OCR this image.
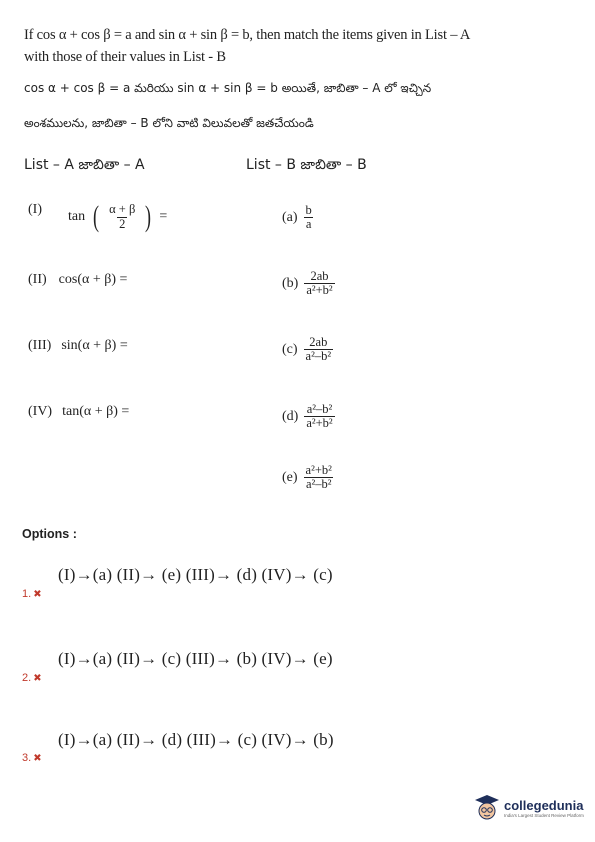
If cos α + cos β = a and sin α + sin β = b, then match the items given in List – A
with those of their values in List - B
cos α + cos β = a మరియు sin α + sin β = b అయితే, జాబితా – A లో ఇచ్చిన
అంశములను, జాబితా – B లోని వాటి విలువలతో జతచేయండి
List – A జాబితా – A	List – B జాబితా – B
(I) tan ( $\frac{\alpha + \beta}{2}$ ) =
(II) cos(α + β) =
(III) sin(α + β) =
(IV) tan(α + β) =
$(a) \frac{b}{a}$
$(b) \frac{2ab}{\text{a²+b²}}$
$(c) \frac{2ab}{\text{a²–b²}}$
$(d) \frac{\text{a²–b²}}{\text{a²+b²}}$
$(e) \frac{\text{a²+b²}}{\text{a²–b²}}$
Options :
(I)→(a) (II)→ (e) (III)→ (d) (IV)→ (c)
1. ✖
(I)→(a) (II)→ (c) (III)→ (b) (IV)→ (e)
2. ✖
(I)→(a) (II)→ (d) (III)→ (c) (IV)→ (b)
3. ✖
collegedunia
India's Largest Student Review Platform
